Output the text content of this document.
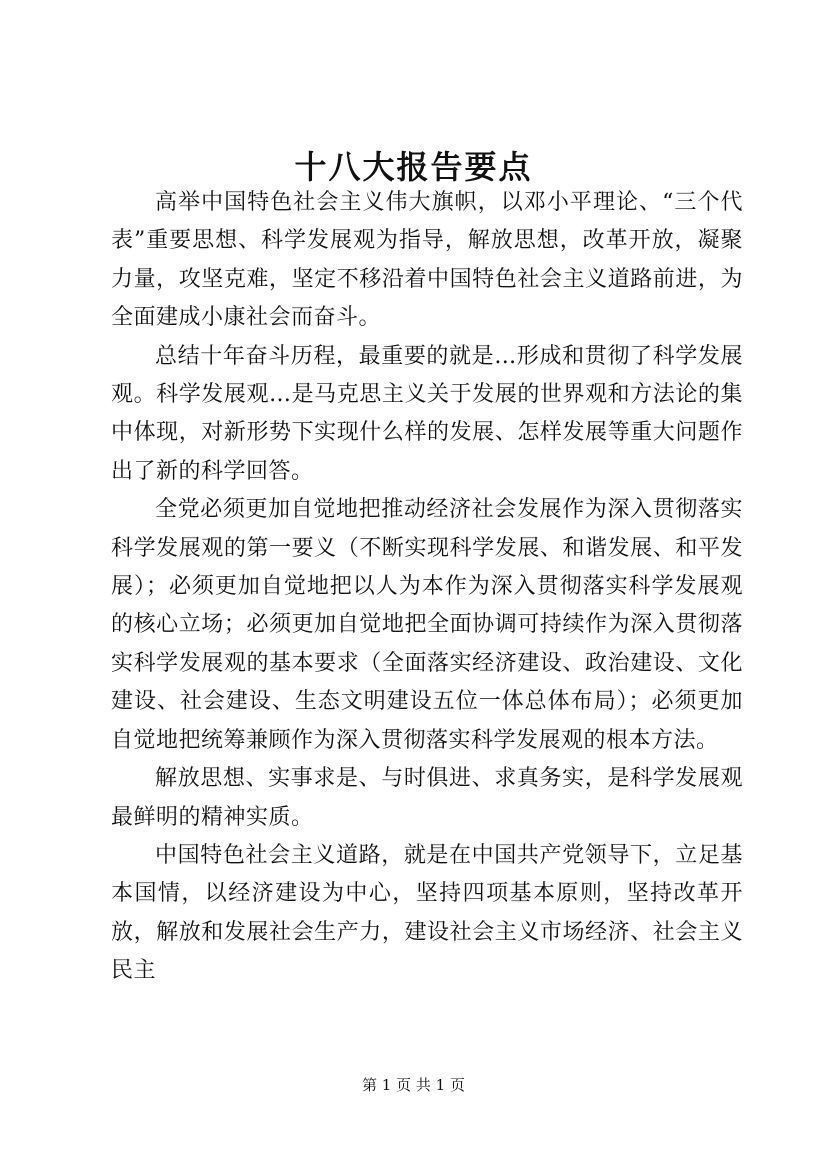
十八大报告要点

高举中国特色社会主义伟大旗帜，以邓小平理论、“三个代表”重要思想、科学发展观为指导，解放思想，改革开放，凝聚力量，攻坚克难，坚定不移沿着中国特色社会主义道路前进，为全面建成小康社会而奋斗。

总结十年奋斗历程，最重要的就是…形成和贯彻了科学发展观。科学发展观…是马克思主义关于发展的世界观和方法论的集中体现，对新形势下实现什么样的发展、怎样发展等重大问题作出了新的科学回答。

全党必须更加自觉地把推动经济社会发展作为深入贯彻落实科学发展观的第一要义（不断实现科学发展、和谐发展、和平发展）；必须更加自觉地把以人为本作为深入贯彻落实科学发展观的核心立场；必须更加自觉地把全面协调可持续作为深入贯彻落实科学发展观的基本要求（全面落实经济建设、政治建设、文化建设、社会建设、生态文明建设五位一体总体布局）；必须更加自觉地把统筹兼顾作为深入贯彻落实科学发展观的根本方法。

解放思想、实事求是、与时俱进、求真务实，是科学发展观最鲜明的精神实质。

中国特色社会主义道路，就是在中国共产党领导下，立足基本国情，以经济建设为中心，坚持四项基本原则，坚持改革开放，解放和发展社会生产力，建设社会主义市场经济、社会主义民主

第 1 页 共 1 页
